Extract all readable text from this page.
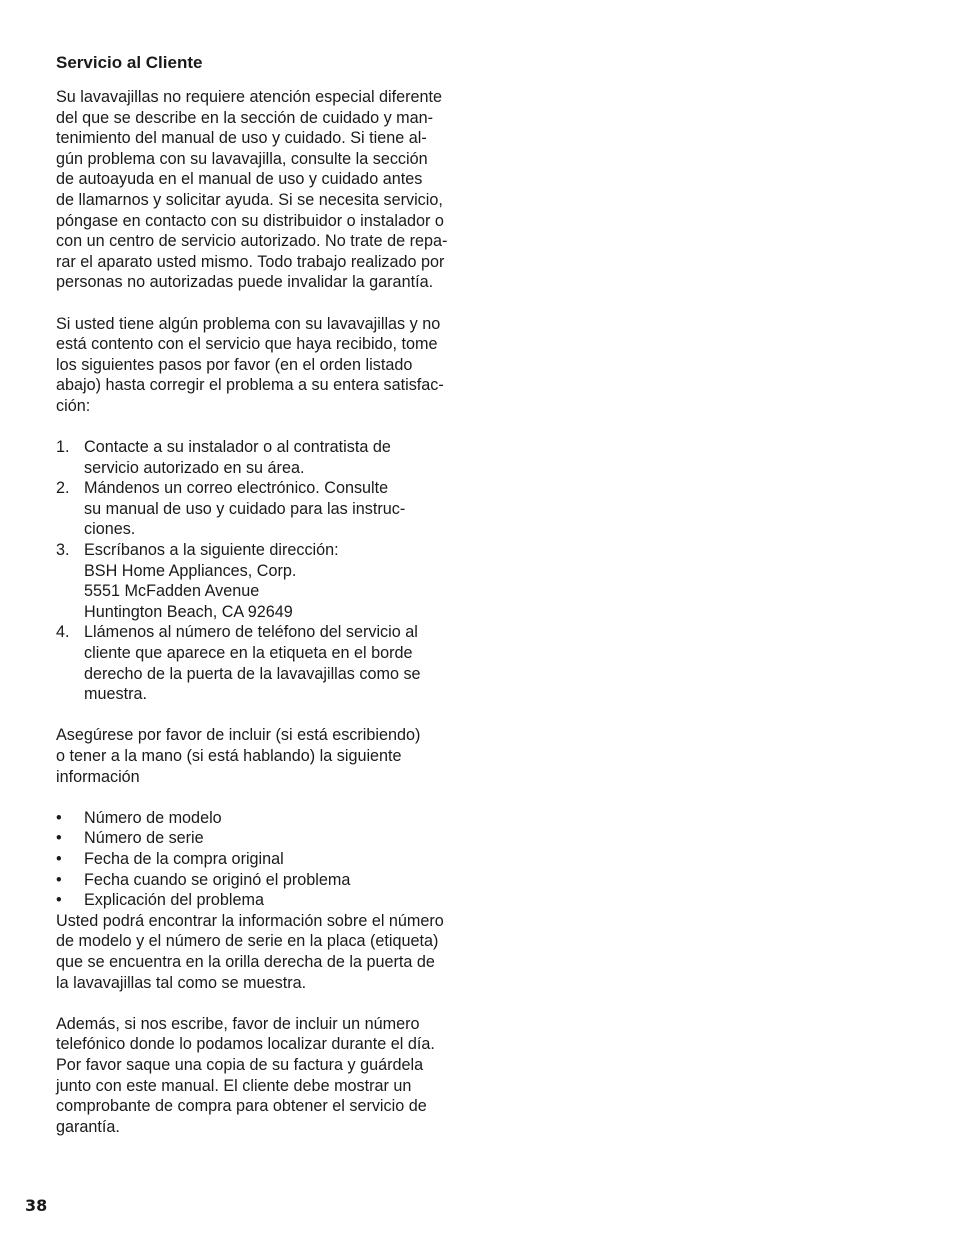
Servicio al Cliente

Su lavavajillas no requiere atención especial diferente
del que se describe en la sección de cuidado y man-
tenimiento del manual de uso y cuidado. Si tiene al-
gún problema con su lavavajilla, consulte la sección
de autoayuda en el manual de uso y cuidado antes
de llamarnos y solicitar ayuda. Si se necesita servicio,
póngase en contacto con su distribuidor o instalador o
con un centro de servicio autorizado. No trate de repa-
rar el aparato usted mismo. Todo trabajo realizado por
personas no autorizadas puede invalidar la garantía.

Si usted tiene algún problema con su lavavajillas y no
está contento con el servicio que haya recibido, tome
los siguientes pasos por favor (en el orden listado
abajo) hasta corregir el problema a su entera satisfac-
ción:

1. Contacte a su instalador o al contratista de
servicio autorizado en su área.
2. Mándenos un correo electrónico. Consulte
su manual de uso y cuidado para las instruc-
ciones.
3. Escríbanos a la siguiente dirección:
BSH Home Appliances, Corp.
5551 McFadden Avenue
Huntington Beach, CA 92649
4. Llámenos al número de teléfono del servicio al
cliente que aparece en la etiqueta en el borde
derecho de la puerta de la lavavajillas como se
muestra.

Asegúrese por favor de incluir (si está escribiendo)
o tener a la mano (si está hablando) la siguiente
información

• Número de modelo
• Número de serie
• Fecha de la compra original
• Fecha cuando se originó el problema
• Explicación del problema

Usted podrá encontrar la información sobre el número
de modelo y el número de serie en la placa (etiqueta)
que se encuentra en la orilla derecha de la puerta de
la lavavajillas tal como se muestra.

Además, si nos escribe, favor de incluir un número
telefónico donde lo podamos localizar durante el día.
Por favor saque una copia de su factura y guárdela
junto con este manual. El cliente debe mostrar un
comprobante de compra para obtener el servicio de
garantía.

38
